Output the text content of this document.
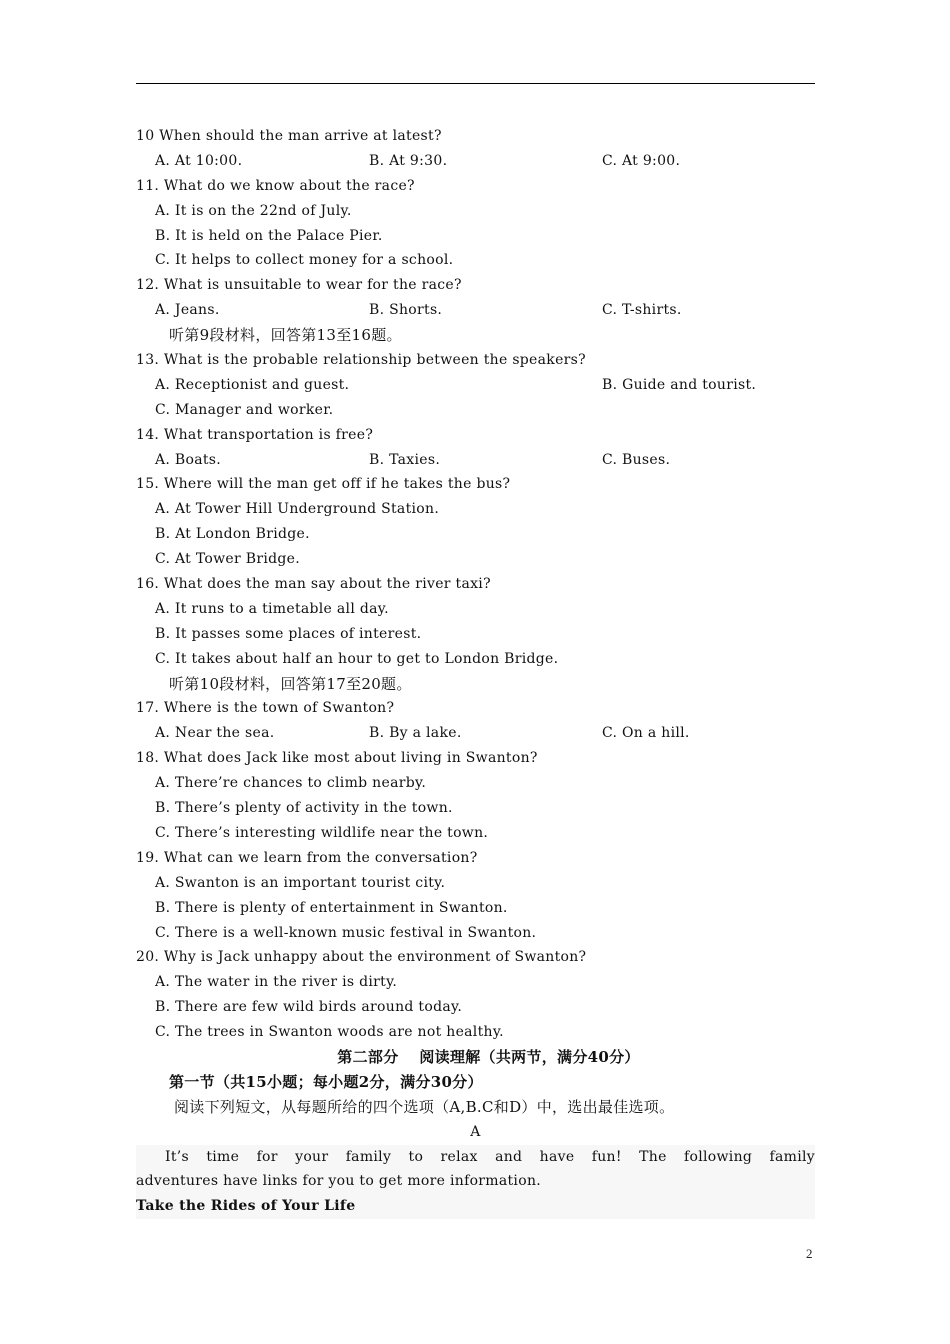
10 When should the man arrive at latest?

A. At 10:00.

	B. At 9:30.

	C. At 9:00.

11. What do we know about the race?
A. It is on the 22nd of July.
B. It is held on the Palace Pier.
C. It helps to collect money for a school.
12. What is unsuitable to wear for the race?

A. Jeans.

	B. Shorts.

	C. T-shirts.

听第9段材料，回答第13至16题。
13. What is the probable relationship between the speakers?

A. Receptionist and guest.

	B. Guide and tourist.

C. Manager and worker.
14. What transportation is free?

A. Boats.

	B. Taxies.

	C. Buses.

15. Where will the man get off if he takes the bus?
A. At Tower Hill Underground Station.
B. At London Bridge.
C. At Tower Bridge.
16. What does the man say about the river taxi?
A. It runs to a timetable all day.
B. It passes some places of interest.
C. It takes about half an hour to get to London Bridge.
听第10段材料，回答第17至20题。
17. Where is the town of Swanton?

A. Near the sea.

	B. By a lake.

	C. On a hill.

18. What does Jack like most about living in Swanton?
A. There’re chances to climb nearby.
B. There’s plenty of activity in the town.
C. There’s interesting wildlife near the town.
19. What can we learn from the conversation?
A. Swanton is an important tourist city.
B. There is plenty of entertainment in Swanton.
C. There is a well-known music festival in Swanton.
20. Why is Jack unhappy about the environment of Swanton?
A. The water in the river is dirty.
B. There are few wild birds around today.
C. The trees in Swanton woods are not healthy.
第二部分　 阅读理解（共两节，满分40分）
第一节（共15小题；每小题2分，满分30分）
阅读下列短文，从每题所给的四个选项（A,B.C和D）中，选出最佳选项。
A
It’s time for your family to relax and have fun! The following family
adventures have links for you to get more information.
Take the Rides of Your Life
2
